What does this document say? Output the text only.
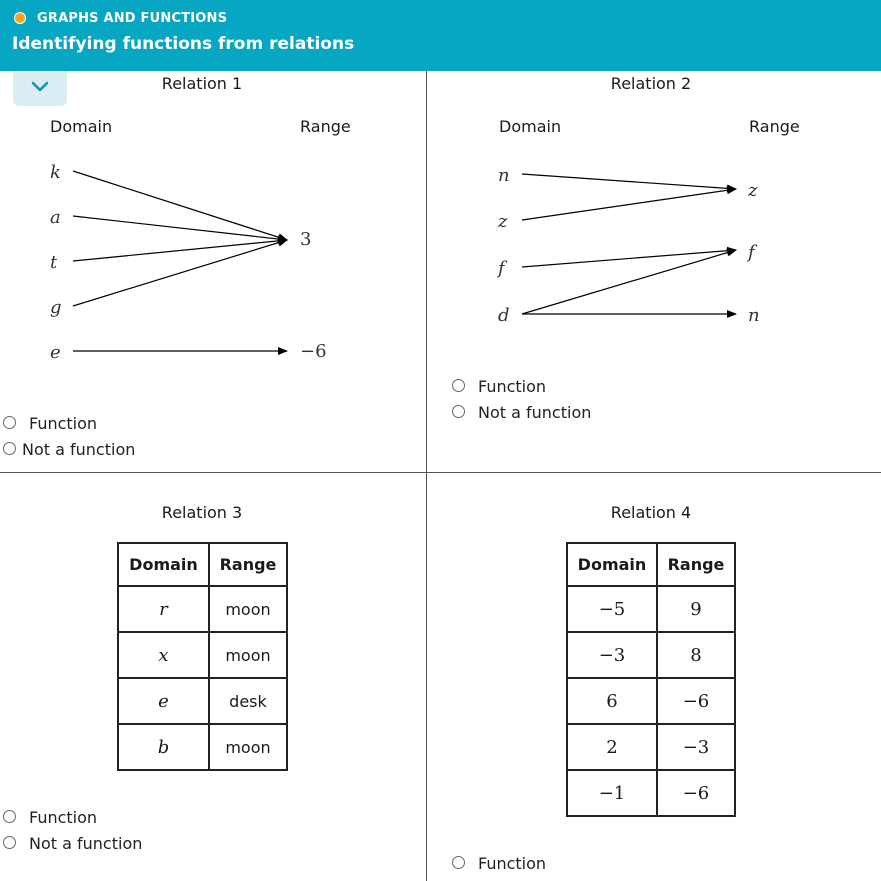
GRAPHS AND FUNCTIONS
Identifying functions from relations
Relation 1
Domain	Range
k
a
t
g
e
3
−6
Function
Not a function
Relation 2
Domain	Range
n
z
f
d
z
f
n
Function
Not a function
Relation 3
Domain	Range
r	moon
x	moon
e	desk
b	moon
Function
Not a function
Relation 4
Domain	Range
−5	9
−3	8
6	−6
2	−3
−1	−6
Function
